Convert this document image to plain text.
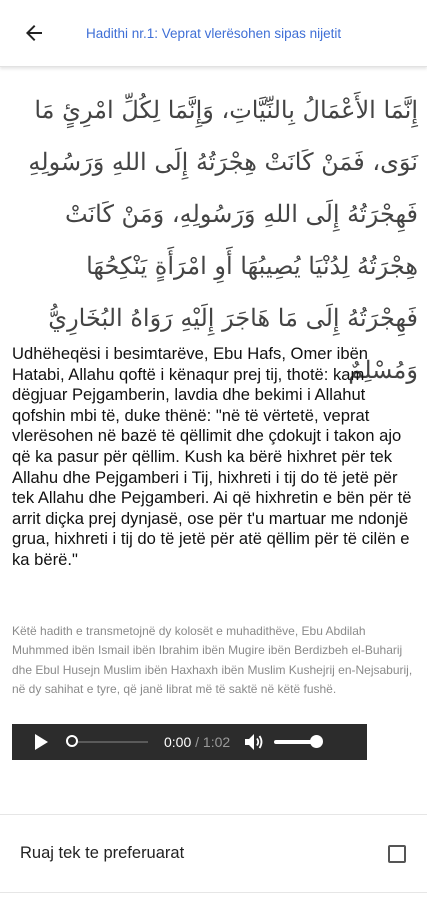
Hadithi nr.1: Veprat vlerësohen sipas nijetit
إِنَّمَا الأَعْمَالُ بِالنِّيَّاتِ، وَإِنَّمَا لِكُلِّ امْرِئٍ مَا نَوَى، فَمَنْ كَانَتْ هِجْرَتُهُ إِلَى اللهِ وَرَسُولِهِ فَهِجْرَتُهُ إِلَى اللهِ وَرَسُولِهِ، وَمَنْ كَانَتْ هِجْرَتُهُ لِدُنْيَا يُصِيبُهَا أَوِ امْرَأَةٍ يَنْكِحُهَا فَهِجْرَتُهُ إِلَى مَا هَاجَرَ إِلَيْهِ رَوَاهُ البُخَارِيُّ وَمُسْلِمٌ
Udhëheqësi i besimtarëve, Ebu Hafs, Omer ibën Hatabi, Allahu qoftë i kënaqur prej tij, thotë: kam dëgjuar Pejgamberin, lavdia dhe bekimi i Allahut qofshin mbi të, duke thënë: "në të vërtetë, veprat vlerësohen në bazë të qëllimit dhe çdokujt i takon ajo që ka pasur për qëllim. Kush ka bërë hixhret për tek Allahu dhe Pejgamberi i Tij, hixhreti i tij do të jetë për tek Allahu dhe Pejgamberi. Ai që hixhretin e bën për të arrit diçka prej dynjasë, ose për t'u martuar me ndonjë grua, hixhreti i tij do të jetë për atë qëllim për të cilën e ka bërë."
Këtë hadith e transmetojnë dy kolosët e muhadithëve, Ebu Abdilah Muhmmed ibën Ismail ibën Ibrahim ibën Mugire ibën Berdizbeh el-Buharij dhe Ebul Husejn Muslim ibën Haxhaxh ibën Muslim Kushejrij en-Nejsaburij, në dy sahihat e tyre, që janë librat më të saktë në këtë fushë.
0:00 / 1:02
Ruaj tek te preferuarat
